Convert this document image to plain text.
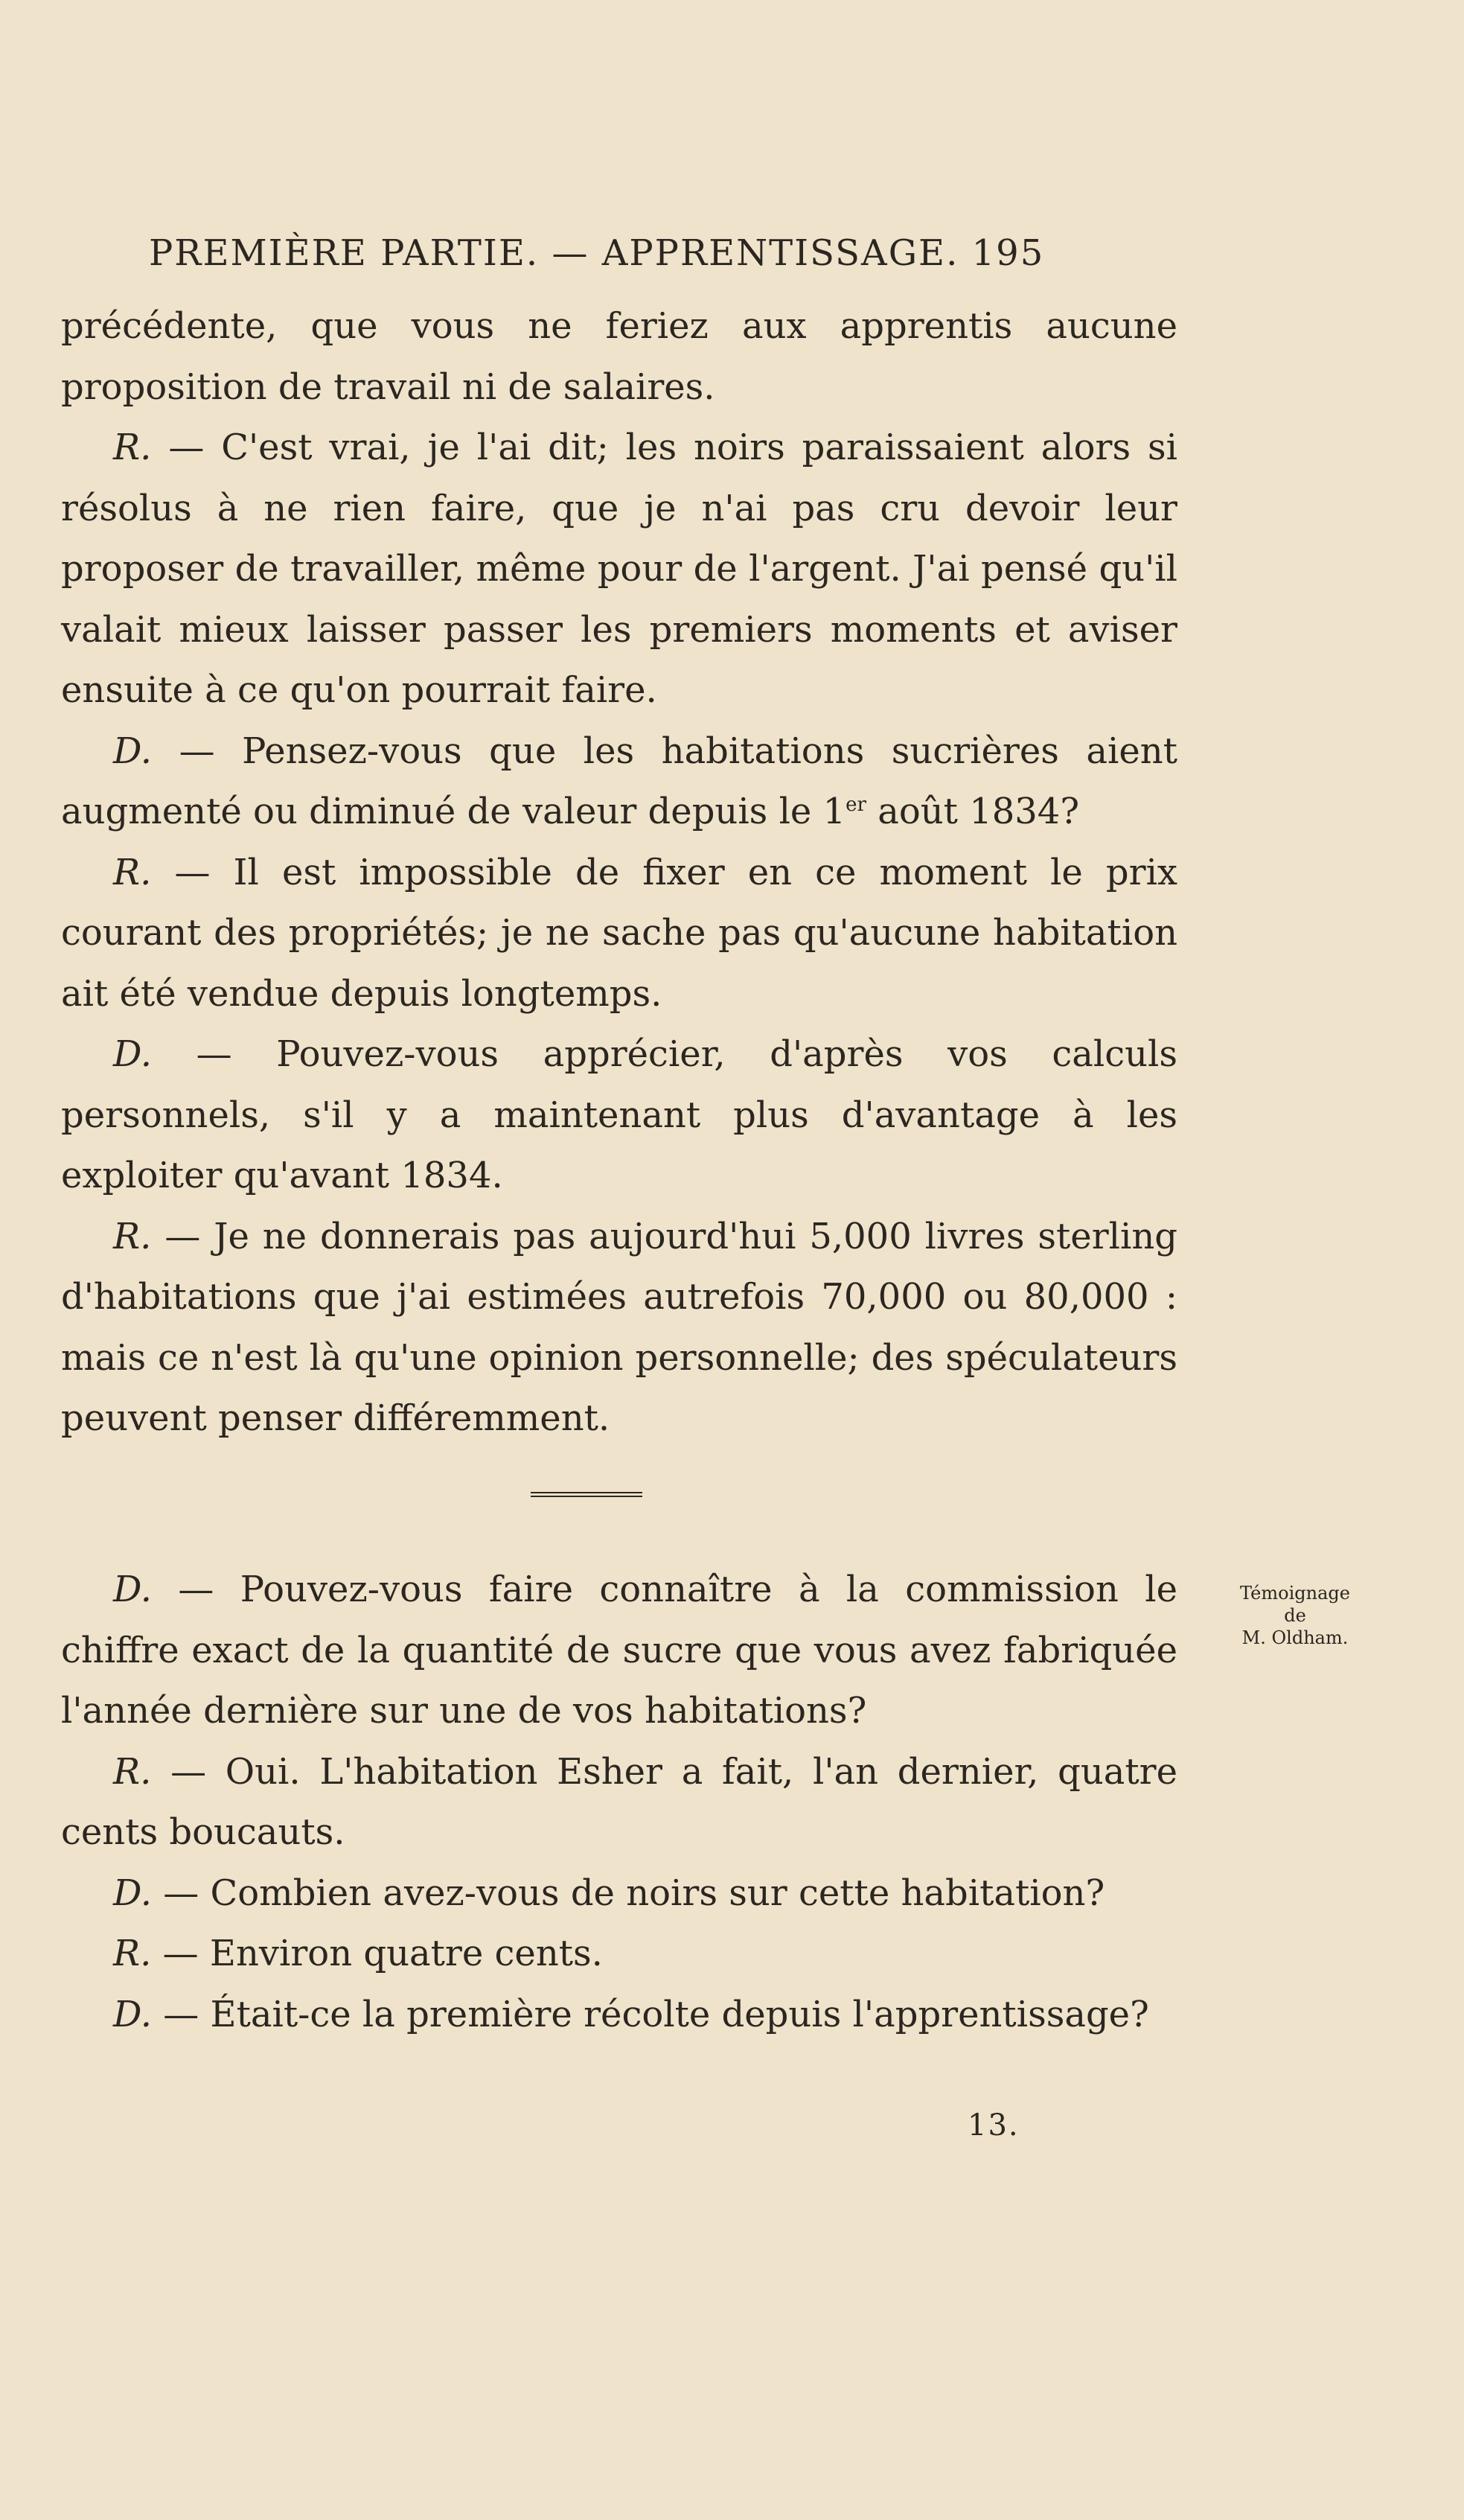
PREMIÈRE PARTIE. — APPRENTISSAGE. 195

précédente, que vous ne feriez aux apprentis aucune proposition de travail ni de salaires.

R. — C'est vrai, je l'ai dit; les noirs paraissaient alors si résolus à ne rien faire, que je n'ai pas cru devoir leur proposer de travailler, même pour de l'argent. J'ai pensé qu'il valait mieux laisser passer les premiers moments et aviser ensuite à ce qu'on pourrait faire.

D. — Pensez-vous que les habitations sucrières aient augmenté ou diminué de valeur depuis le 1er août 1834?

R. — Il est impossible de fixer en ce moment le prix courant des propriétés; je ne sache pas qu'aucune habitation ait été vendue depuis longtemps.

D. — Pouvez-vous apprécier, d'après vos calculs personnels, s'il y a maintenant plus d'avantage à les exploiter qu'avant 1834.

R. — Je ne donnerais pas aujourd'hui 5,000 livres sterling d'habitations que j'ai estimées autrefois 70,000 ou 80,000 : mais ce n'est là qu'une opinion personnelle; des spéculateurs peuvent penser différemment.

Témoignage
de
M. Oldham.

D. — Pouvez-vous faire connaître à la commission le chiffre exact de la quantité de sucre que vous avez fabriquée l'année dernière sur une de vos habitations?

R. — Oui. L'habitation Esher a fait, l'an dernier, quatre cents boucauts.

D. — Combien avez-vous de noirs sur cette habitation?

R. — Environ quatre cents.

D. — Était-ce la première récolte depuis l'apprentissage?

13.
